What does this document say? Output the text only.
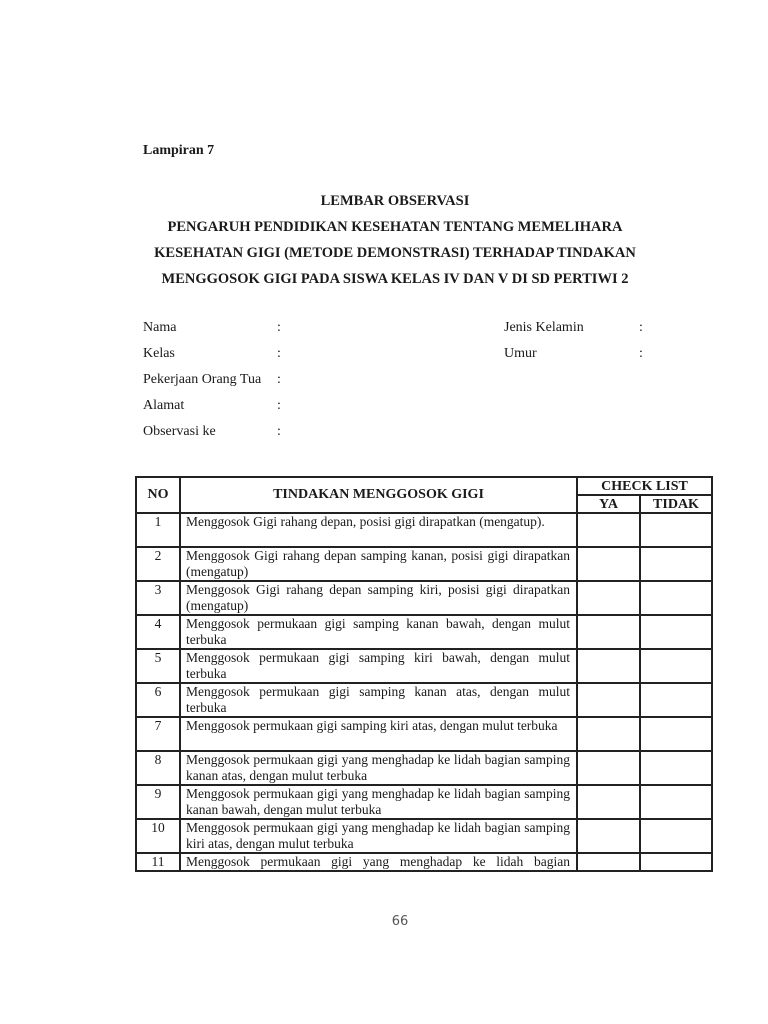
Lampiran 7
LEMBAR OBSERVASI
PENGARUH PENDIDIKAN KESEHATAN TENTANG MEMELIHARA
KESEHATAN GIGI (METODE DEMONSTRASI) TERHADAP TINDAKAN
MENGGOSOK GIGI PADA SISWA KELAS IV DAN V DI SD PERTIWI 2
Nama	:	Jenis Kelamin	:
Kelas	:	Umur	:
Pekerjaan Orang Tua :
Alamat	:
Observasi ke	:
NO	TINDAKAN MENGGOSOK GIGI	CHECK LIST	
		YA	TIDAK
1	Menggosok Gigi rahang depan, posisi gigi dirapatkan (mengatup).		
2	Menggosok Gigi rahang depan samping kanan, posisi gigi dirapatkan (mengatup)		
3	Menggosok Gigi rahang depan samping kiri, posisi gigi dirapatkan (mengatup)		
4	Menggosok permukaan gigi samping kanan bawah, dengan mulut terbuka		
5	Menggosok permukaan gigi samping kiri bawah, dengan mulut terbuka		
6	Menggosok permukaan gigi samping kanan atas, dengan mulut terbuka		
7	Menggosok permukaan gigi samping kiri atas, dengan mulut terbuka		
8	Menggosok permukaan gigi yang menghadap ke lidah bagian samping kanan atas, dengan mulut terbuka		
9	Menggosok permukaan gigi yang menghadap ke lidah bagian samping kanan bawah, dengan mulut terbuka		
10	Menggosok permukaan gigi yang menghadap ke lidah bagian samping kiri atas, dengan mulut terbuka		
11	Menggosok permukaan gigi yang menghadap ke lidah bagian		
66
